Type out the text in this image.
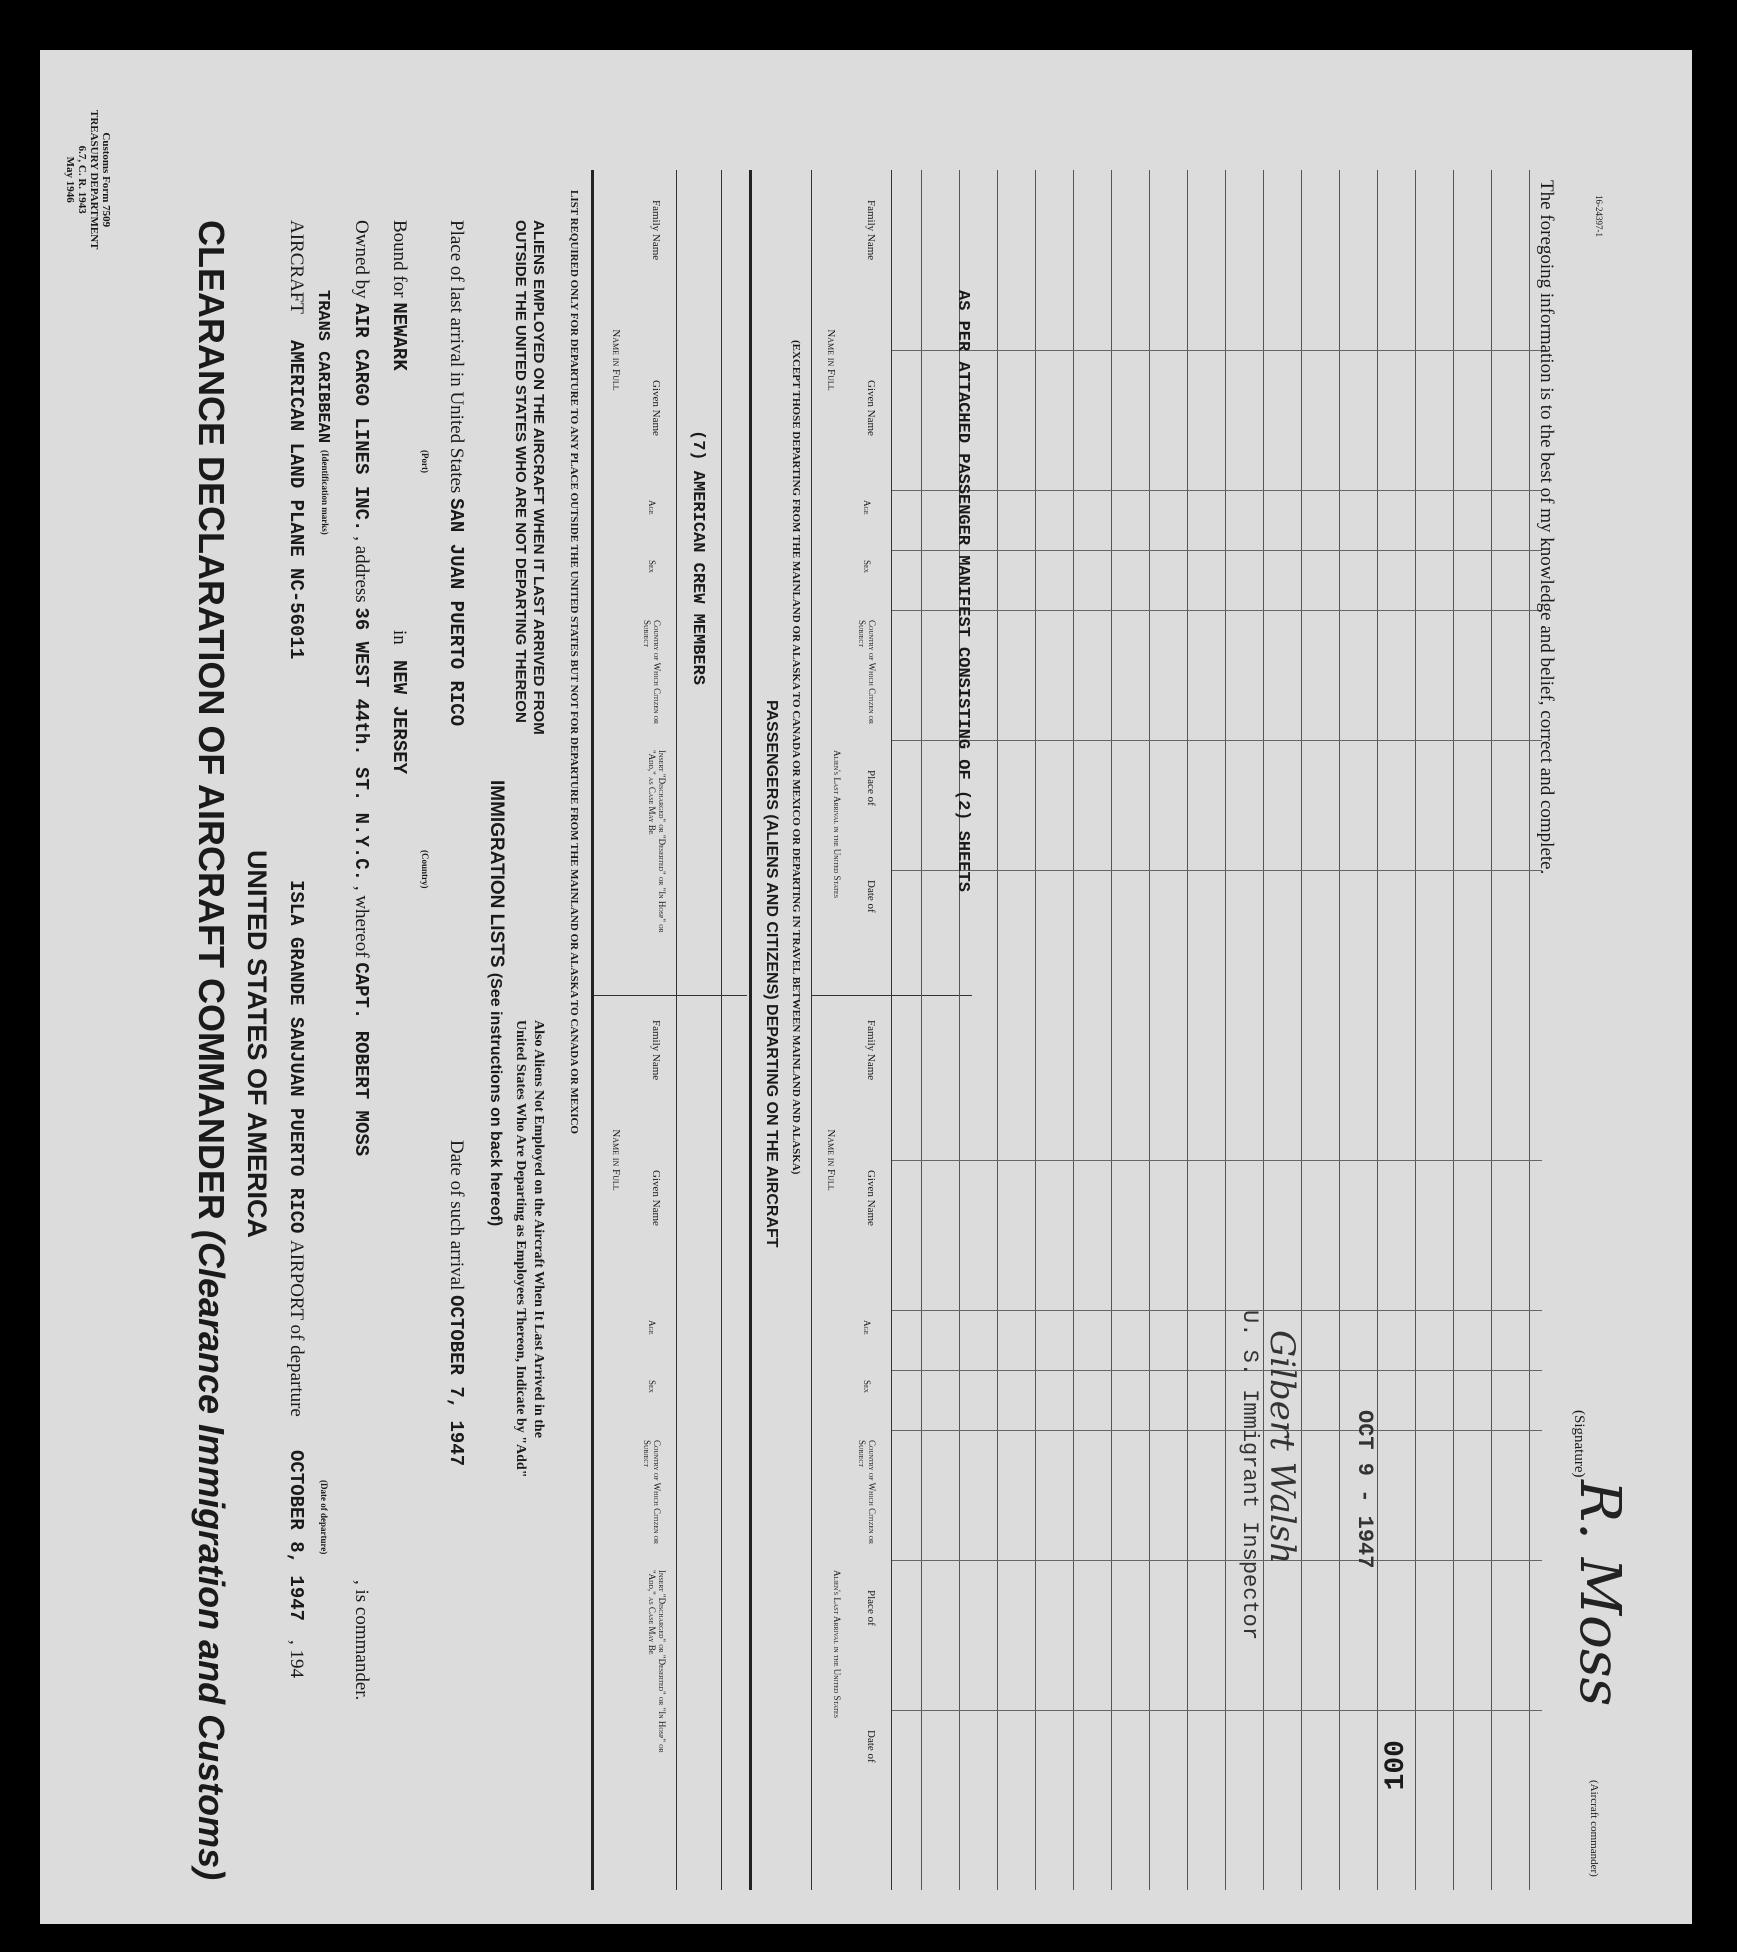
Customs Form 7509
TREASURY DEPARTMENT
6.7, C. R. 1943
May 1946
UNITED STATES OF AMERICA
CLEARANCE DECLARATION OF AIRCRAFT COMMANDER (Clearance Immigration and Customs)
AIRCRAFT
AMERICAN LAND PLANE NC-56011
ISLA GRANDE SANJUAN PUERTO RICO
AIRPORT of departure
OCTOBER 8, 1947
, 194
TRANS CARIBBEAN
(Identification marks)
(Date of departure)
Owned by AIR CARGO LINES INC. , address 36 WEST 44th. ST. N.Y.C. , whereof CAPT. ROBERT MOSS
, is commander.
Bound for NEWARK
in
NEW JERSEY
(Port)
(Country)
Place of last arrival in United States SAN JUAN PUERTO RICO
Date of such arrival OCTOBER 7, 1947
IMMIGRATION LISTS (See instructions on back hereof)
ALIENS EMPLOYED ON THE AIRCRAFT WHEN IT LAST ARRIVED FROM
OUTSIDE THE UNITED STATES WHO ARE NOT DEPARTING THEREON
Also Aliens Not Employed on the Aircraft When It Last Arrived in the
United States Who Are Departing as Employees Thereon, Indicate by "Add"
LIST REQUIRED ONLY FOR DEPARTURE TO ANY PLACE OUTSIDE THE UNITED STATES BUT NOT FOR DEPARTURE FROM THE MAINLAND OR ALASKA TO CANADA OR MEXICO	Name in Full
Family Name
Given Name
Age
Sex
Country of Which Citizen or Subject
Insert "Discharged" or "Deserted" or "In Hosp" or "Add," as Case May Be
Name in Full
Family Name
Given Name
Age
Sex
Country of Which Citizen or Subject
Insert "Discharged" or "Deserted" or "In Hosp" or "Add," as Case May Be
(7) AMERICAN CREW MEMBERS
PASSENGERS (ALIENS AND CITIZENS) DEPARTING ON THE AIRCRAFT (EXCEPT THOSE DEPARTING FROM THE MAINLAND OR ALASKA TO CANADA OR MEXICO OR DEPARTING IN TRAVEL BETWEEN MAINLAND AND ALASKA) Name in Full
Family Name
Given Name
Age
Sex
Country of Which Citizen or Subject
Alien's Last Arrival in the United States Place of
Date of
Name in Full
Family Name
Given Name
Age
Sex
Country of Which Citizen or Subject
Alien's Last Arrival in the United States Place of
Date of
AS PER ATTACHED PASSENGER MANIFEST CONSISTING OF (2) SHEETS
U. S. Immigrant Inspector Gilbert Walsh OCT 9 - 1947
100
The foregoing information is to the best of my knowledge and belief, correct and complete.
(Signature)
R. Moss
(Aircraft commander)
16-24397-1
